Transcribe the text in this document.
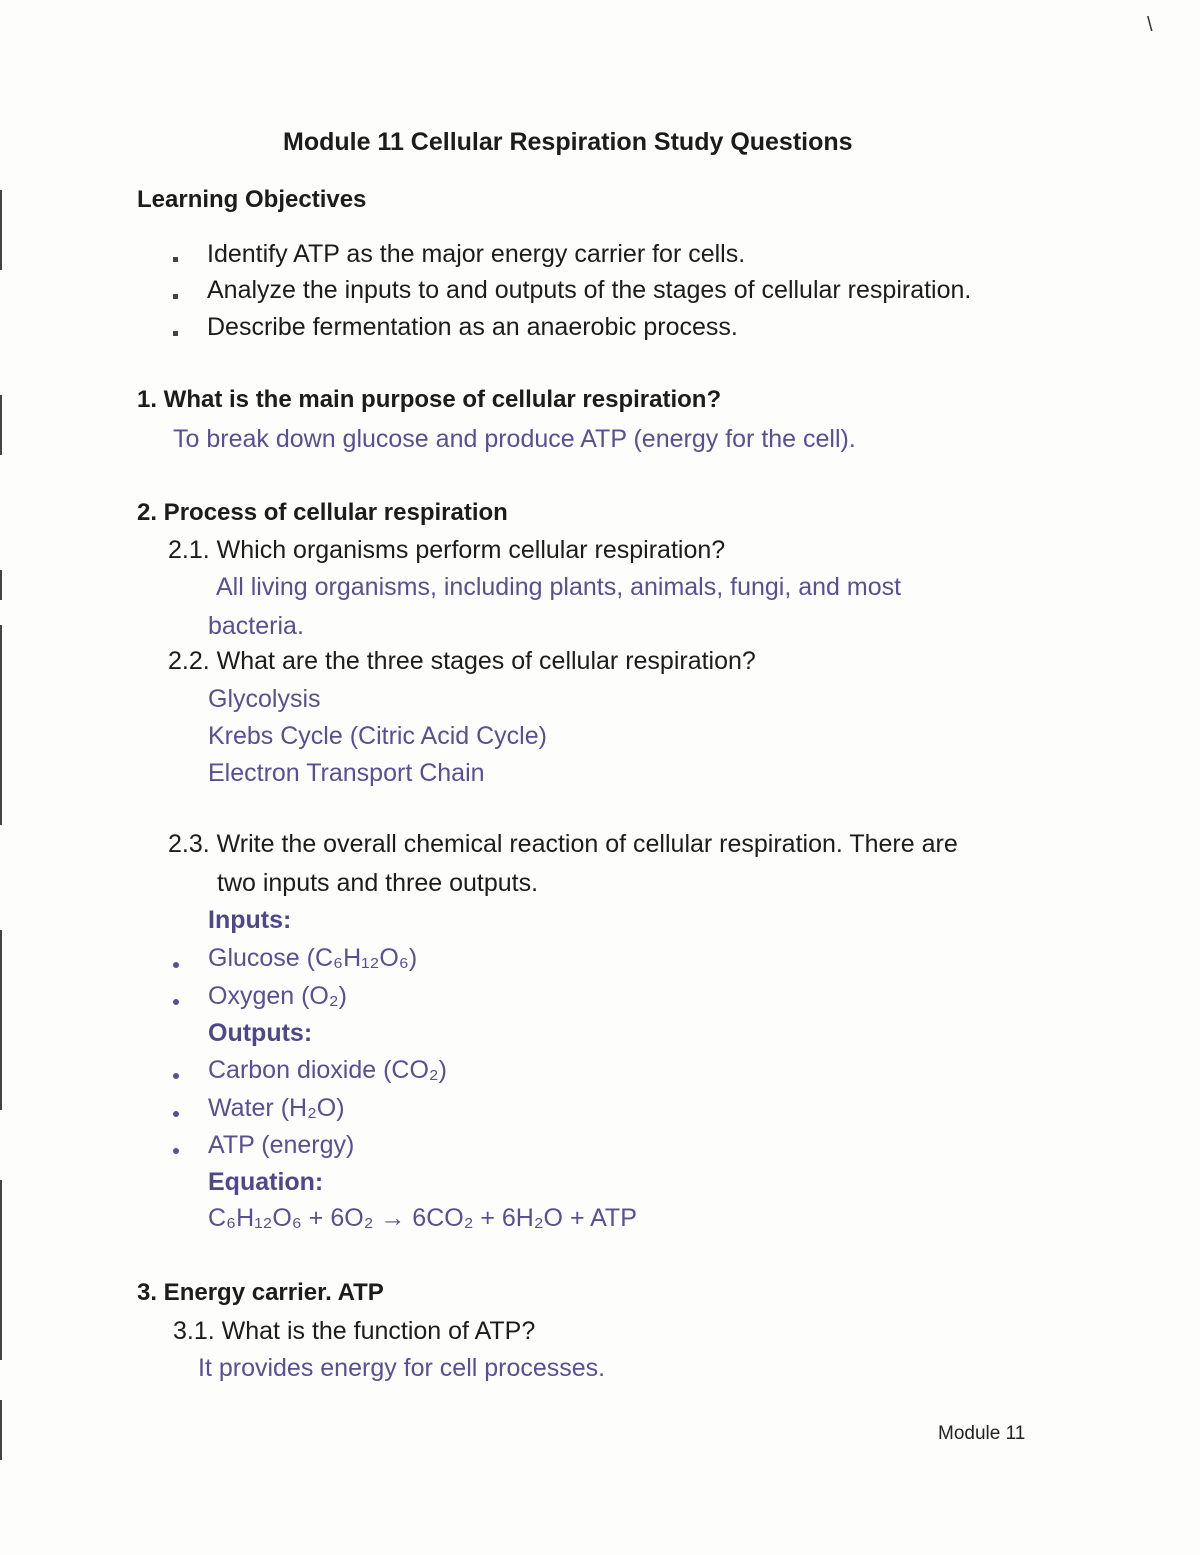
\
Module 11 Cellular Respiration Study Questions
Learning Objectives
Identify ATP as the major energy carrier for cells.
Analyze the inputs to and outputs of the stages of cellular respiration.
Describe fermentation as an anaerobic process.
1. What is the main purpose of cellular respiration?
To break down glucose and produce ATP (energy for the cell).
2. Process of cellular respiration
2.1. Which organisms perform cellular respiration?
All living organisms, including plants, animals, fungi, and most
bacteria.
2.2. What are the three stages of cellular respiration?
Glycolysis
Krebs Cycle (Citric Acid Cycle)
Electron Transport Chain
2.3. Write the overall chemical reaction of cellular respiration. There are
two inputs and three outputs.
Inputs:
Glucose (C₆H₁₂O₆)
Oxygen (O₂)
Outputs:
Carbon dioxide (CO₂)
Water (H₂O)
ATP (energy)
Equation:
C₆H₁₂O₆ + 6O₂ → 6CO₂ + 6H₂O + ATP
3. Energy carrier. ATP
3.1. What is the function of ATP?
It provides energy for cell processes.
Module 11
